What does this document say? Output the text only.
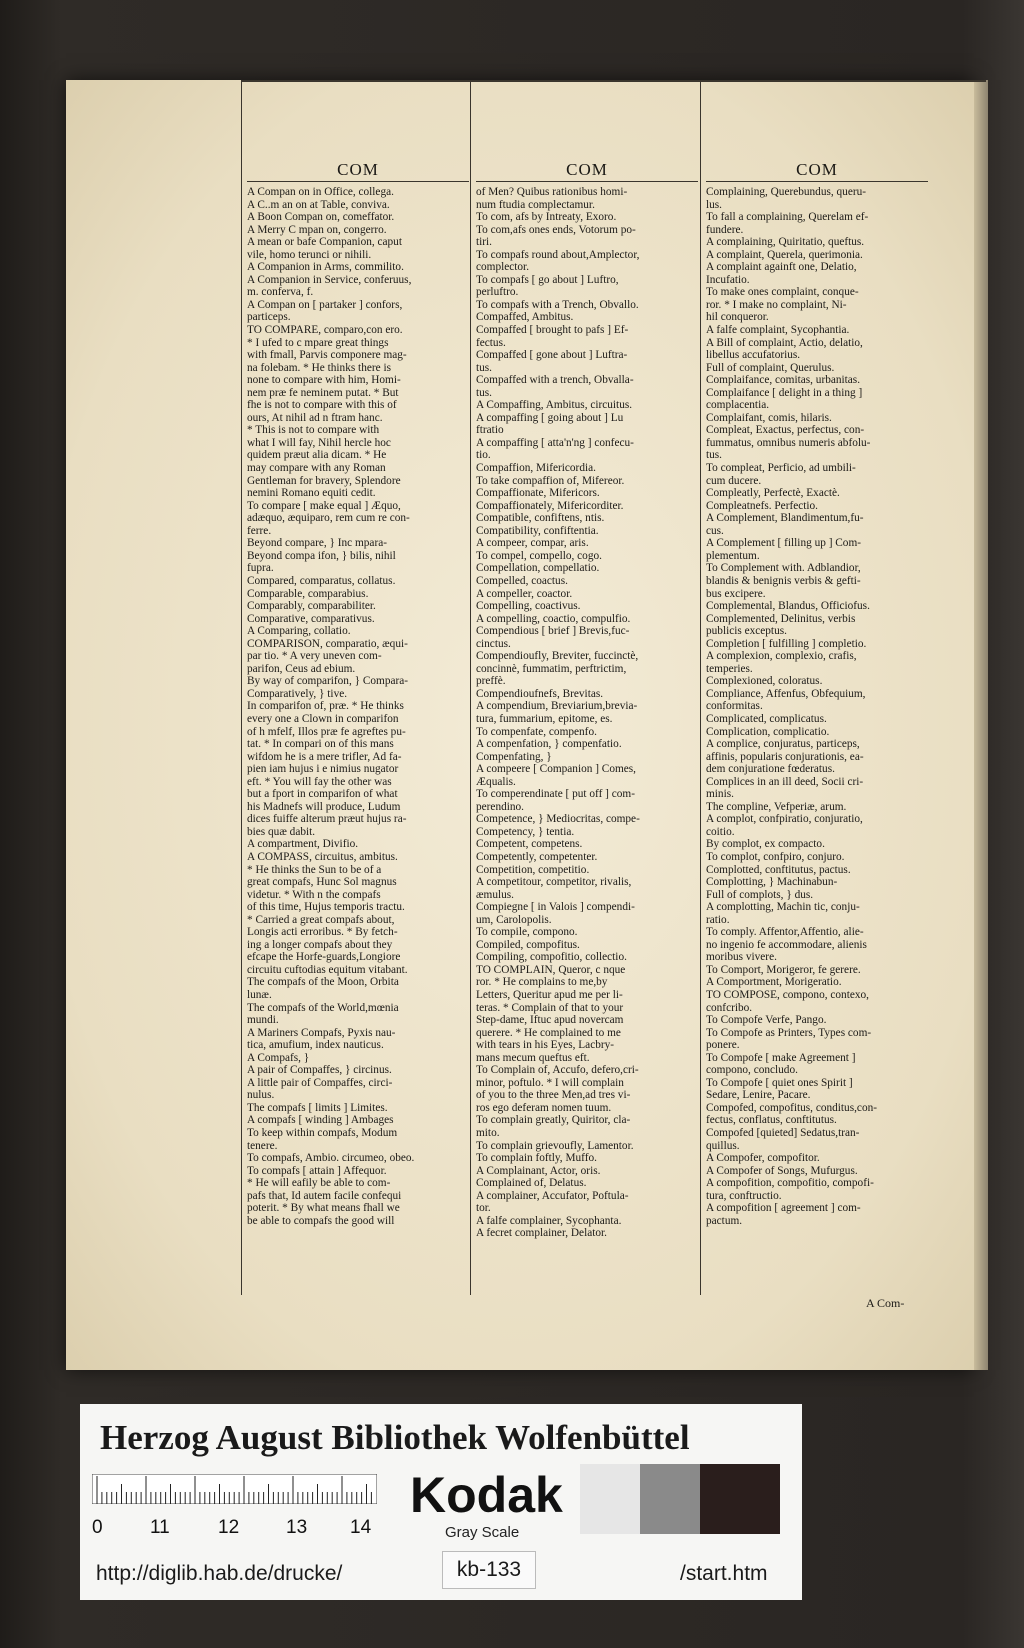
COM
A Compan on in Office, collega.
A C..m an on at Table, conviva.
A Boon Compan on, comeffator.
A Merry C mpan on, congerro.
A mean or bafe Companion, caput
vile, homo terunci or nihili.
A Companion in Arms, commilito.
A Companion in Service, conferuus,
m. conferva, f.
A Compan on [ partaker ] confors,
particeps.
TO COMPARE, comparo,con ero.
* I ufed to c mpare great things
with fmall, Parvis componere mag-
na folebam. * He thinks there is
none to compare with him, Homi-
nem præ fe neminem putat. * But
fhe is not to compare with this of
ours, At nihil ad n ftram hanc.
* This is not to compare with
what I will fay, Nihil hercle hoc
quidem præut alia dicam. * He
may compare with any Roman
Gentleman for bravery, Splendore
nemini Romano equiti cedit.
To compare [ make equal ] Æquo,
adæquo, æquiparo, rem cum re con-
ferre.
Beyond compare, } Inc mpara-
Beyond compa ifon, } bilis, nihil
fupra.
Compared, comparatus, collatus.
Comparable, comparabius.
Comparably, comparabiliter.
Comparative, comparativus.
A Comparing, collatio.
COMPARISON, comparatio, æqui-
par tio. * A very uneven com-
parifon, Ceus ad ebium.
By way of comparifon, } Compara-
Comparatively, } tive.
In comparifon of, præ. * He thinks
every one a Clown in comparifon
of h mfelf, Illos præ fe agreftes pu-
tat. * In compari on of this mans
wifdom he is a mere trifler, Ad fa-
pien iam hujus i e nimius nugator
eft. * You will fay the other was
but a fport in comparifon of what
his Madnefs will produce, Ludum
dices fuiffe alterum præut hujus ra-
bies quæ dabit.
A compartment, Divifio.
A COMPASS, circuitus, ambitus.
* He thinks the Sun to be of a
great compafs, Hunc Sol magnus
videtur. * With n the compafs
of this time, Hujus temporis tractu.
* Carried a great compafs about,
Longis acti erroribus. * By fetch-
ing a longer compafs about they
efcape the Horfe-guards,Longiore
circuitu cuftodias equitum vitabant.
The compafs of the Moon, Orbita
lunæ.
The compafs of the World,mœnia
mundi.
A Mariners Compafs, Pyxis nau-
tica, amufium, index nauticus.
A Compafs, }
A pair of Compaffes, } circinus.
A little pair of Compaffes, circi-
nulus.
The compafs [ limits ] Limites.
A compafs [ winding ] Ambages
To keep within compafs, Modum
tenere.
To compafs, Ambio. circumeo, obeo.
To compafs [ attain ] Affequor.
* He will eafily be able to com-
pafs that, Id autem facile confequi
poterit. * By what means fhall we
be able to compafs the good will
COM
of Men? Quibus rationibus homi-
num ftudia complectamur.
To com, afs by Intreaty, Exoro.
To com,afs ones ends, Votorum po-
tiri.
To compafs round about,Amplector,
complector.
To compafs [ go about ] Luftro,
perluftro.
To compafs with a Trench, Obvallo.
Compaffed, Ambitus.
Compaffed [ brought to pafs ] Ef-
fectus.
Compaffed [ gone about ] Luftra-
tus.
Compaffed with a trench, Obvalla-
tus.
A Compaffing, Ambitus, circuitus.
A compaffing [ going about ] Lu
ftratio
A compaffing [ atta'n'ng ] confecu-
tio.
Compaffion, Mifericordia.
To take compaffion of, Mifereor.
Compaffionate, Mifericors.
Compaffionately, Mifericorditer.
Compatible, confiftens, ntis.
Compatibility, confiftentia.
A compeer, compar, aris.
To compel, compello, cogo.
Compellation, compellatio.
Compelled, coactus.
A compeller, coactor.
Compelling, coactivus.
A compelling, coactio, compulfio.
Compendious [ brief ] Brevis,fuc-
cinctus.
Compendioufly, Breviter, fuccinctè,
concinnè, fummatim, perftrictim,
preffè.
Compendioufnefs, Brevitas.
A compendium, Breviarium,brevia-
tura, fummarium, epitome, es.
To compenfate, compenfo.
A compenfation, } compenfatio.
Compenfating, }
A compeere [ Companion ] Comes,
Æqualis.
To comperendinate [ put off ] com-
perendino.
Competence, } Mediocritas, compe-
Competency, } tentia.
Competent, competens.
Competently, competenter.
Competition, competitio.
A competitour, competitor, rivalis,
æmulus.
Compiegne [ in Valois ] compendi-
um, Carolopolis.
To compile, compono.
Compiled, compofitus.
Compiling, compofitio, collectio.
TO COMPLAIN, Queror, c nque
ror. * He complains to me,by
Letters, Queritur apud me per li-
teras. * Complain of that to your
Step-dame, Iftuc apud novercam
querere. * He complained to me
with tears in his Eyes, Lacbry-
mans mecum queftus eft.
To Complain of, Accufo, defero,cri-
minor, poftulo. * I will complain
of you to the three Men,ad tres vi-
ros ego deferam nomen tuum.
To complain greatly, Quiritor, cla-
mito.
To complain grievoufly, Lamentor.
To complain foftly, Muffo.
A Complainant, Actor, oris.
Complained of, Delatus.
A complainer, Accufator, Poftula-
tor.
A falfe complainer, Sycophanta.
A fecret complainer, Delator.
COM
Complaining, Querebundus, queru-
lus.
To fall a complaining, Querelam ef-
fundere.
A complaining, Quiritatio, queftus.
A complaint, Querela, querimonia.
A complaint againft one, Delatio,
Incufatio.
To make ones complaint, conque-
ror. * I make no complaint, Ni-
hil conqueror.
A falfe complaint, Sycophantia.
A Bill of complaint, Actio, delatio,
libellus accufatorius.
Full of complaint, Querulus.
Complaifance, comitas, urbanitas.
Complaifance [ delight in a thing ]
complacentia.
Complaifant, comis, hilaris.
Compleat, Exactus, perfectus, con-
fummatus, omnibus numeris abfolu-
tus.
To compleat, Perficio, ad umbili-
cum ducere.
Compleatly, Perfectè, Exactè.
Compleatnefs. Perfectio.
A Complement, Blandimentum,fu-
cus.
A Complement [ filling up ] Com-
plementum.
To Complement with. Adblandior,
blandis & benignis verbis & gefti-
bus excipere.
Complemental, Blandus, Officiofus.
Complemented, Delinitus, verbis
publicis exceptus.
Completion [ fulfilling ] completio.
A complexion, complexio, crafis,
temperies.
Complexioned, coloratus.
Compliance, Affenfus, Obfequium,
conformitas.
Complicated, complicatus.
Complication, complicatio.
A complice, conjuratus, particeps,
affinis, popularis conjurationis, ea-
dem conjuratione fœderatus.
Complices in an ill deed, Socii cri-
minis.
The compline, Vefperiæ, arum.
A complot, confpiratio, conjuratio,
coitio.
By complot, ex compacto.
To complot, confpiro, conjuro.
Complotted, conftitutus, pactus.
Complotting, } Machinabun-
Full of complots, } dus.
A complotting, Machin tic, conju-
ratio.
To comply. Affentor,Affentio, alie-
no ingenio fe accommodare, alienis
moribus vivere.
To Comport, Morigeror, fe gerere.
A Comportment, Morigeratio.
TO COMPOSE, compono, contexo,
confcribo.
To Compofe Verfe, Pango.
To Compofe as Printers, Types com-
ponere.
To Compofe [ make Agreement ]
compono, concludo.
To Compofe [ quiet ones Spirit ]
Sedare, Lenire, Pacare.
Compofed, compofitus, conditus,con-
fectus, conflatus, conftitutus.
Compofed [quieted] Sedatus,tran-
quillus.
A Compofer, compofitor.
A Compofer of Songs, Mufurgus.
A compofition, compofitio, compofi-
tura, conftructio.
A compofition [ agreement ] com-
pactum.
A Com-
Herzog August Bibliothek Wolfenbüttel
0 11	12 13 14
Kodak
Gray Scale
http://diglib.hab.de/drucke/	kb-133	/start.htm
